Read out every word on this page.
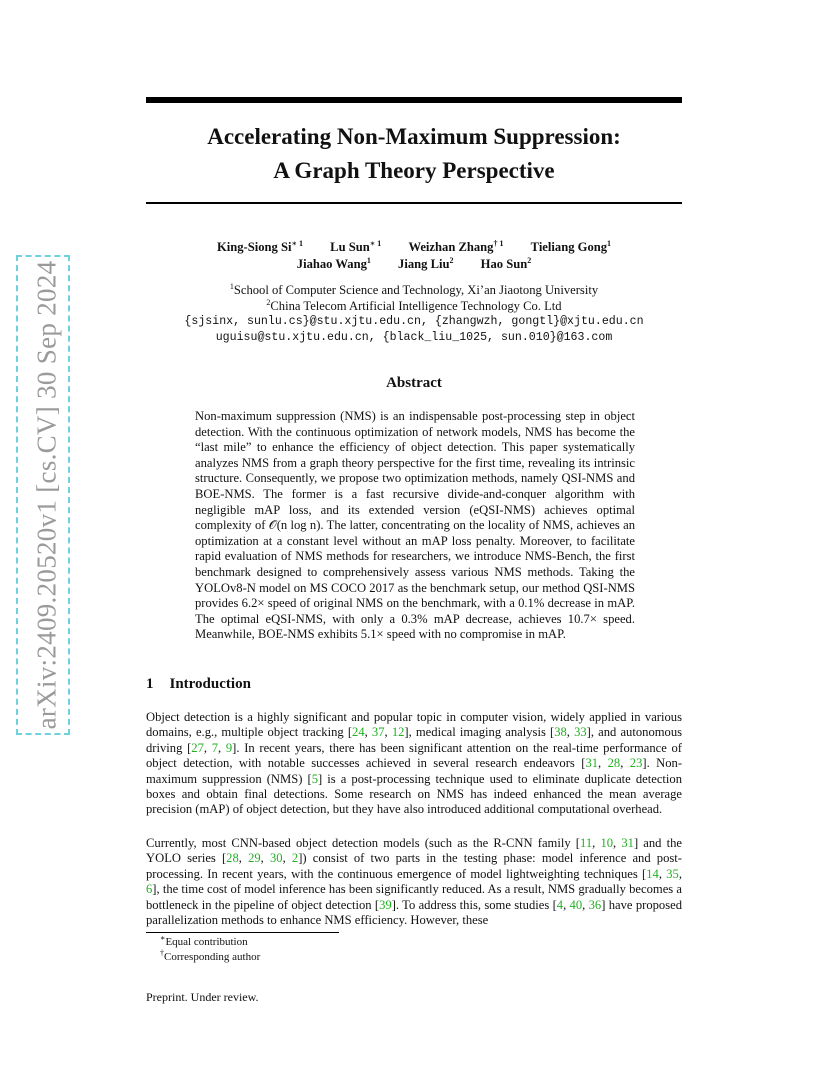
arXiv:2409.20520v1 [cs.CV] 30 Sep 2024
Accelerating Non-Maximum Suppression:
A Graph Theory Perspective
King-Siong $Si^{∗ 1}$ Lu Sun$^{∗ 1}$ Weizhan Zhang$^{\dagger 1}$ Tieliang Gong$^1$
Jiahao Wang$^1$ Jiang Liu$^2$ Hao Sun$^2$
$^1$School of Computer Science and Technology, Xi’an Jiaotong University
$^2$China Telecom Artificial Intelligence Technology Co. Ltd
{sjsinx, sunlu.cs}@stu.xjtu.edu.cn, {zhangwzh, gongtl}@xjtu.edu.cn
uguisu@stu.xjtu.edu.cn, {black_liu_1025, sun.010}@163.com
Abstract
Non-maximum suppression (NMS) is an indispensable post-processing step in object detection. With the continuous optimization of network models, NMS has become the “last mile” to enhance the efficiency of object detection. This paper systematically analyzes NMS from a graph theory perspective for the first time, revealing its intrinsic structure. Consequently, we propose two optimization methods, namely QSI-NMS and BOE-NMS. The former is a fast recursive divide-and-conquer algorithm with negligible mAP loss, and its extended version (eQSI-NMS) achieves optimal complexity of 𝒪(n log n). The latter, concentrating on the locality of NMS, achieves an optimization at a constant level without an mAP loss penalty. Moreover, to facilitate rapid evaluation of NMS methods for researchers, we introduce NMS-Bench, the first benchmark designed to comprehensively assess various NMS methods. Taking the YOLOv8-N model on MS COCO 2017 as the benchmark setup, our method QSI-NMS provides 6.2× speed of original NMS on the benchmark, with a 0.1% decrease in mAP. The optimal eQSI-NMS, with only a 0.3% mAP decrease, achieves 10.7× speed. Meanwhile, BOE-NMS exhibits 5.1× speed with no compromise in mAP.
1 Introduction
Object detection is a highly significant and popular topic in computer vision, widely applied in various domains, e.g., multiple object tracking [24, 37, 12], medical imaging analysis [38, 33], and autonomous driving [27, 7, 9]. In recent years, there has been significant attention on the real-time performance of object detection, with notable successes achieved in several research endeavors [31, 28, 23]. Non-maximum suppression (NMS) [5] is a post-processing technique used to eliminate duplicate detection boxes and obtain final detections. Some research on NMS has indeed enhanced the mean average precision (mAP) of object detection, but they have also introduced additional computational overhead.
Currently, most CNN-based object detection models (such as the R-CNN family [11, 10, 31] and the YOLO series [28, 29, 30, 2]) consist of two parts in the testing phase: model inference and post-processing. In recent years, with the continuous emergence of model lightweighting techniques [14, 35, 6], the time cost of model inference has been significantly reduced. As a result, NMS gradually becomes a bottleneck in the pipeline of object detection [39]. To address this, some studies [4, 40, 36] have proposed parallelization methods to enhance NMS efficiency. However, these
∗Equal contribution
†Corresponding author
Preprint. Under review.
